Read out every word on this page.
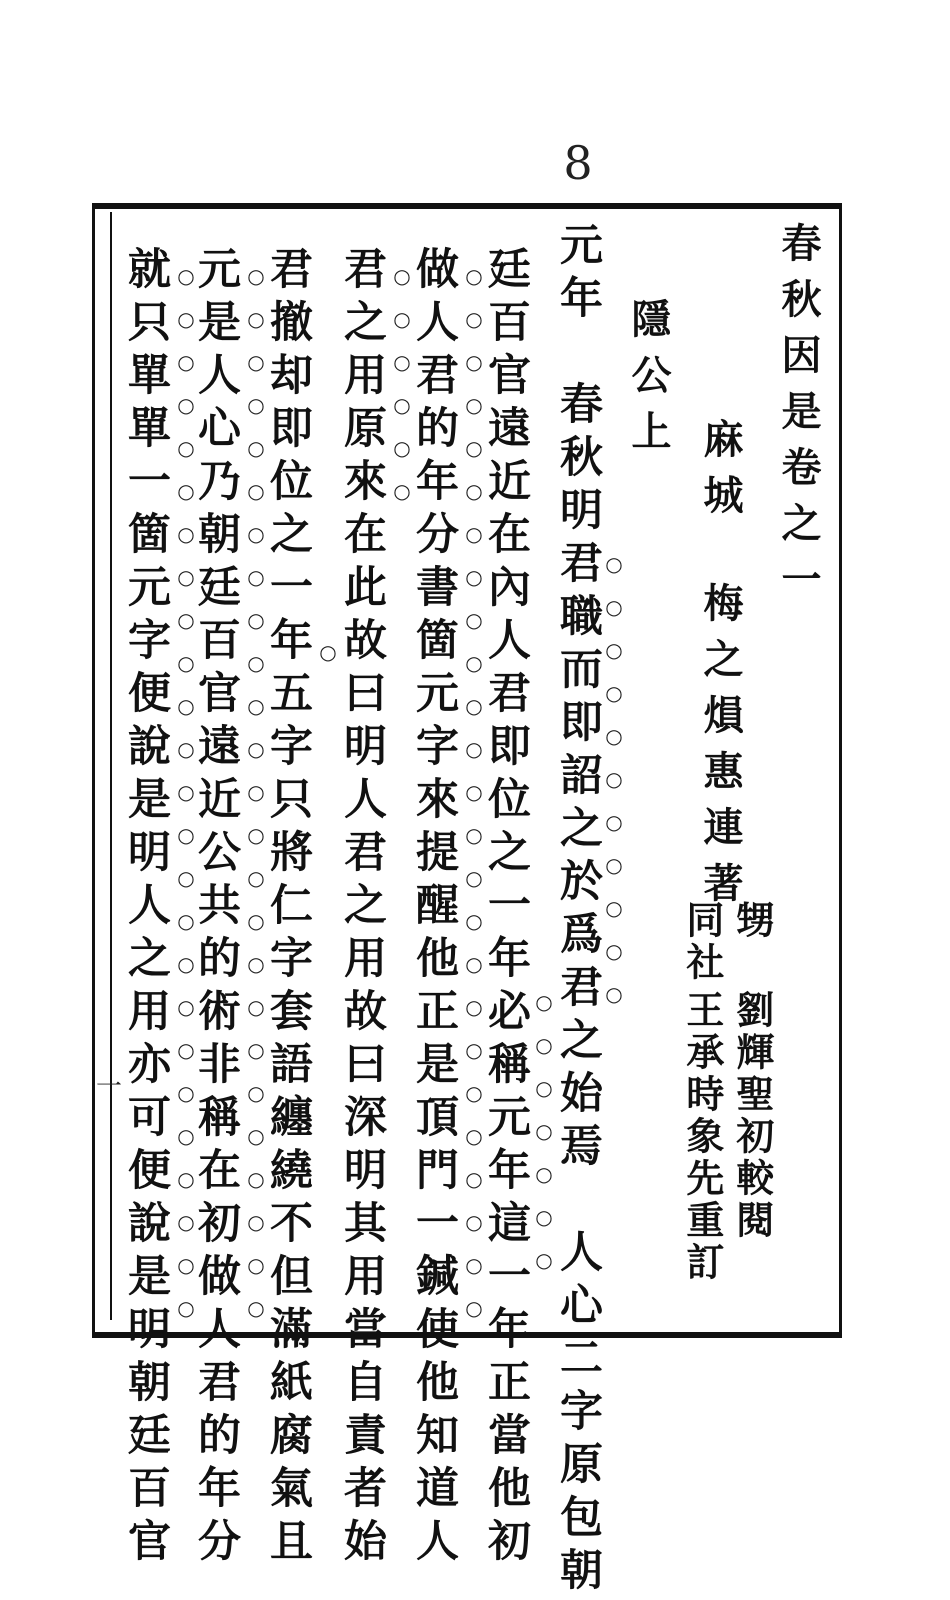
8
春秋因是卷之一
麻城
梅之熉惠連著
甥
劉輝聖初較閱
同社
王承時象先重訂
隱公上
元年　春秋明君職而即詔之於爲君之始焉　人心二字原包朝
廷百官遠近在內人君即位之一年必稱元年這一年正當他初
做人君的年分書箇元字來提醒他正是頂門一鍼使他知道人
君之用原來在此故曰明人君之用故曰深明其用當自責者始
君撤却即位之一年五字只將仁字套語纏繞不但滿紙腐氣且
元是人心乃朝廷百官遠近公共的術非稱在初做人君的年分
就只單單一箇元字便說是明人之用亦可便說是明朝廷百官	○○○○○○○○○○○
○○○○○○○
○○○○○○○○○○○○○○○○○○○○○○○○○
○○○○○○
○
○○○○○○○○○○○○○○○○○○○○○○○○○
○○○○○○○○○○○○○○○○○○○○○○○○○
一
